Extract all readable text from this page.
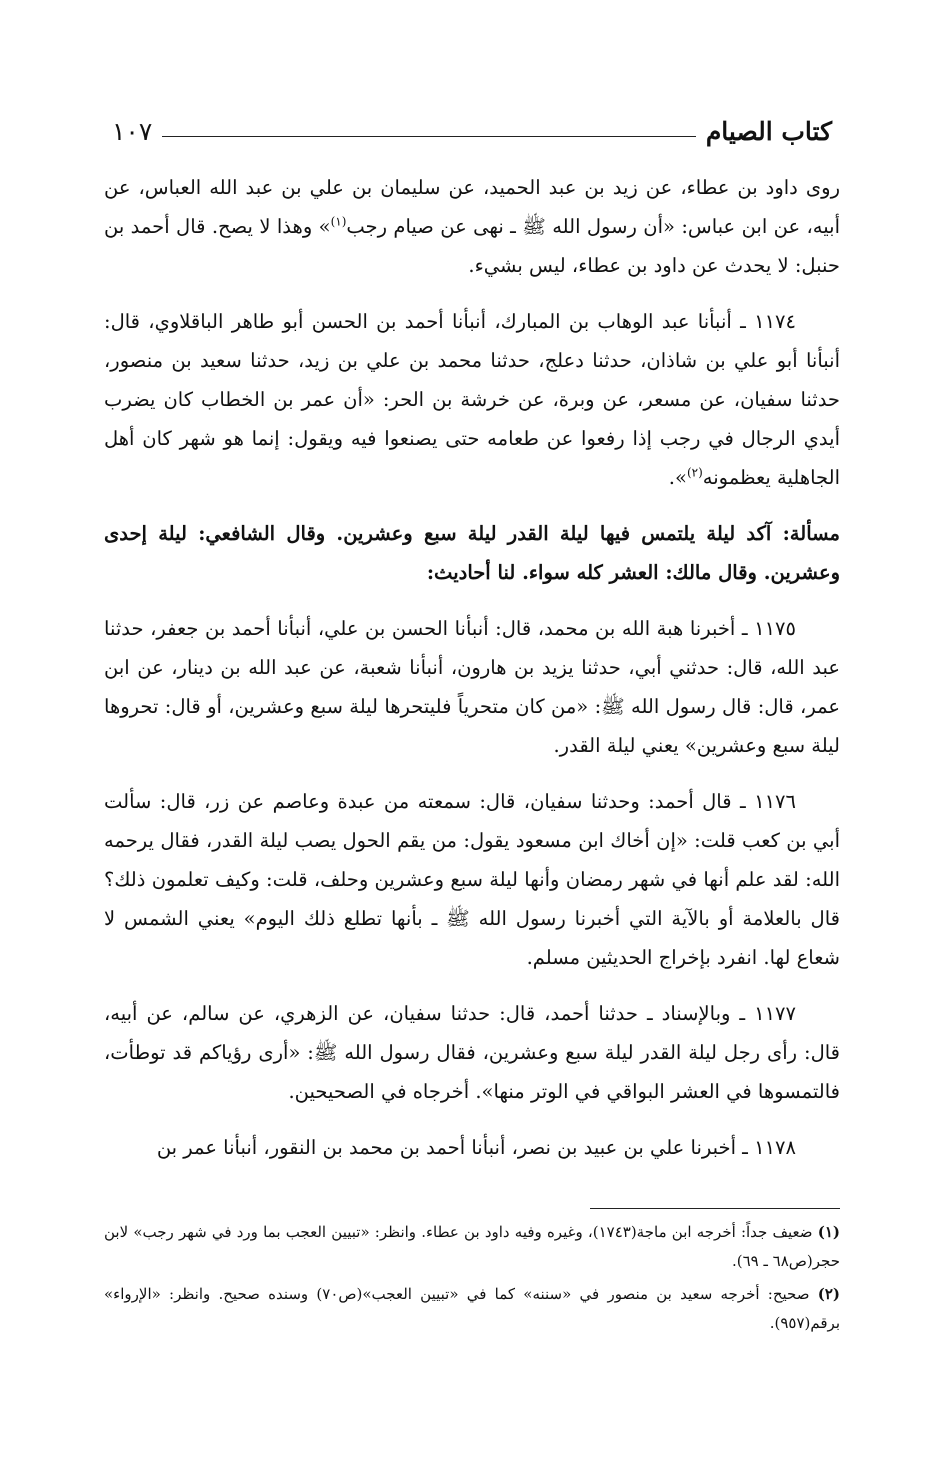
كتاب الصيام
١٠٧

روى داود بن عطاء، عن زيد بن عبد الحميد، عن سليمان بن علي بن عبد الله العباس، عن أبيه، عن ابن عباس: «أن رسول الله ﷺ ـ نهى عن صيام رجب$^{(١)}$» وهذا لا يصح. قال أحمد بن حنبل: لا يحدث عن داود بن عطاء، ليس بشيء.

١١٧٤ ـ أنبأنا عبد الوهاب بن المبارك، أنبأنا أحمد بن الحسن أبو طاهر الباقلاوي، قال: أنبأنا أبو علي بن شاذان، حدثنا دعلج، حدثنا محمد بن علي بن زيد، حدثنا سعيد بن منصور، حدثنا سفيان، عن مسعر، عن وبرة، عن خرشة بن الحر: «أن عمر بن الخطاب كان يضرب أيدي الرجال في رجب إذا رفعوا عن طعامه حتى يصنعوا فيه ويقول: إنما هو شهر كان أهل الجاهلية يعظمونه$^{(٢)}$».

مسألة: آكد ليلة يلتمس فيها ليلة القدر ليلة سبع وعشرين. وقال الشافعي: ليلة إحدى وعشرين. وقال مالك: العشر كله سواء. لنا أحاديث:

١١٧٥ ـ أخبرنا هبة الله بن محمد، قال: أنبأنا الحسن بن علي، أنبأنا أحمد بن جعفر، حدثنا عبد الله، قال: حدثني أبي، حدثنا يزيد بن هارون، أنبأنا شعبة، عن عبد الله بن دينار، عن ابن عمر، قال: قال رسول الله ﷺ: «من كان متحرياً فليتحرها ليلة سبع وعشرين، أو قال: تحروها ليلة سبع وعشرين» يعني ليلة القدر.

١١٧٦ ـ قال أحمد: وحدثنا سفيان، قال: سمعته من عبدة وعاصم عن زر، قال: سألت أبي بن كعب قلت: «إن أخاك ابن مسعود يقول: من يقم الحول يصب ليلة القدر، فقال يرحمه الله: لقد علم أنها في شهر رمضان وأنها ليلة سبع وعشرين وحلف، قلت: وكيف تعلمون ذلك؟ قال بالعلامة أو بالآية التي أخبرنا رسول الله ﷺ ـ بأنها تطلع ذلك اليوم» يعني الشمس لا شعاع لها. انفرد بإخراج الحديثين مسلم.

١١٧٧ ـ وبالإسناد ـ حدثنا أحمد، قال: حدثنا سفيان، عن الزهري، عن سالم، عن أبيه، قال: رأى رجل ليلة القدر ليلة سبع وعشرين، فقال رسول الله ﷺ: «أرى رؤياكم قد توطأت، فالتمسوها في العشر البواقي في الوتر منها». أخرجاه في الصحيحين.

١١٧٨ ـ أخبرنا علي بن عبيد بن نصر، أنبأنا أحمد بن محمد بن النقور، أنبأنا عمر بن

(١) ضعيف جداً: أخرجه ابن ماجة(١٧٤٣)، وغيره وفيه داود بن عطاء. وانظر: «تبيين العجب بما ورد في شهر رجب» لابن حجر(ص٦٨ ـ ٦٩).

(٢) صحيح: أخرجه سعيد بن منصور في «سننه» كما في «تبيين العجب»(ص٧٠) وسنده صحيح. وانظر: «الإرواء» برقم(٩٥٧).
